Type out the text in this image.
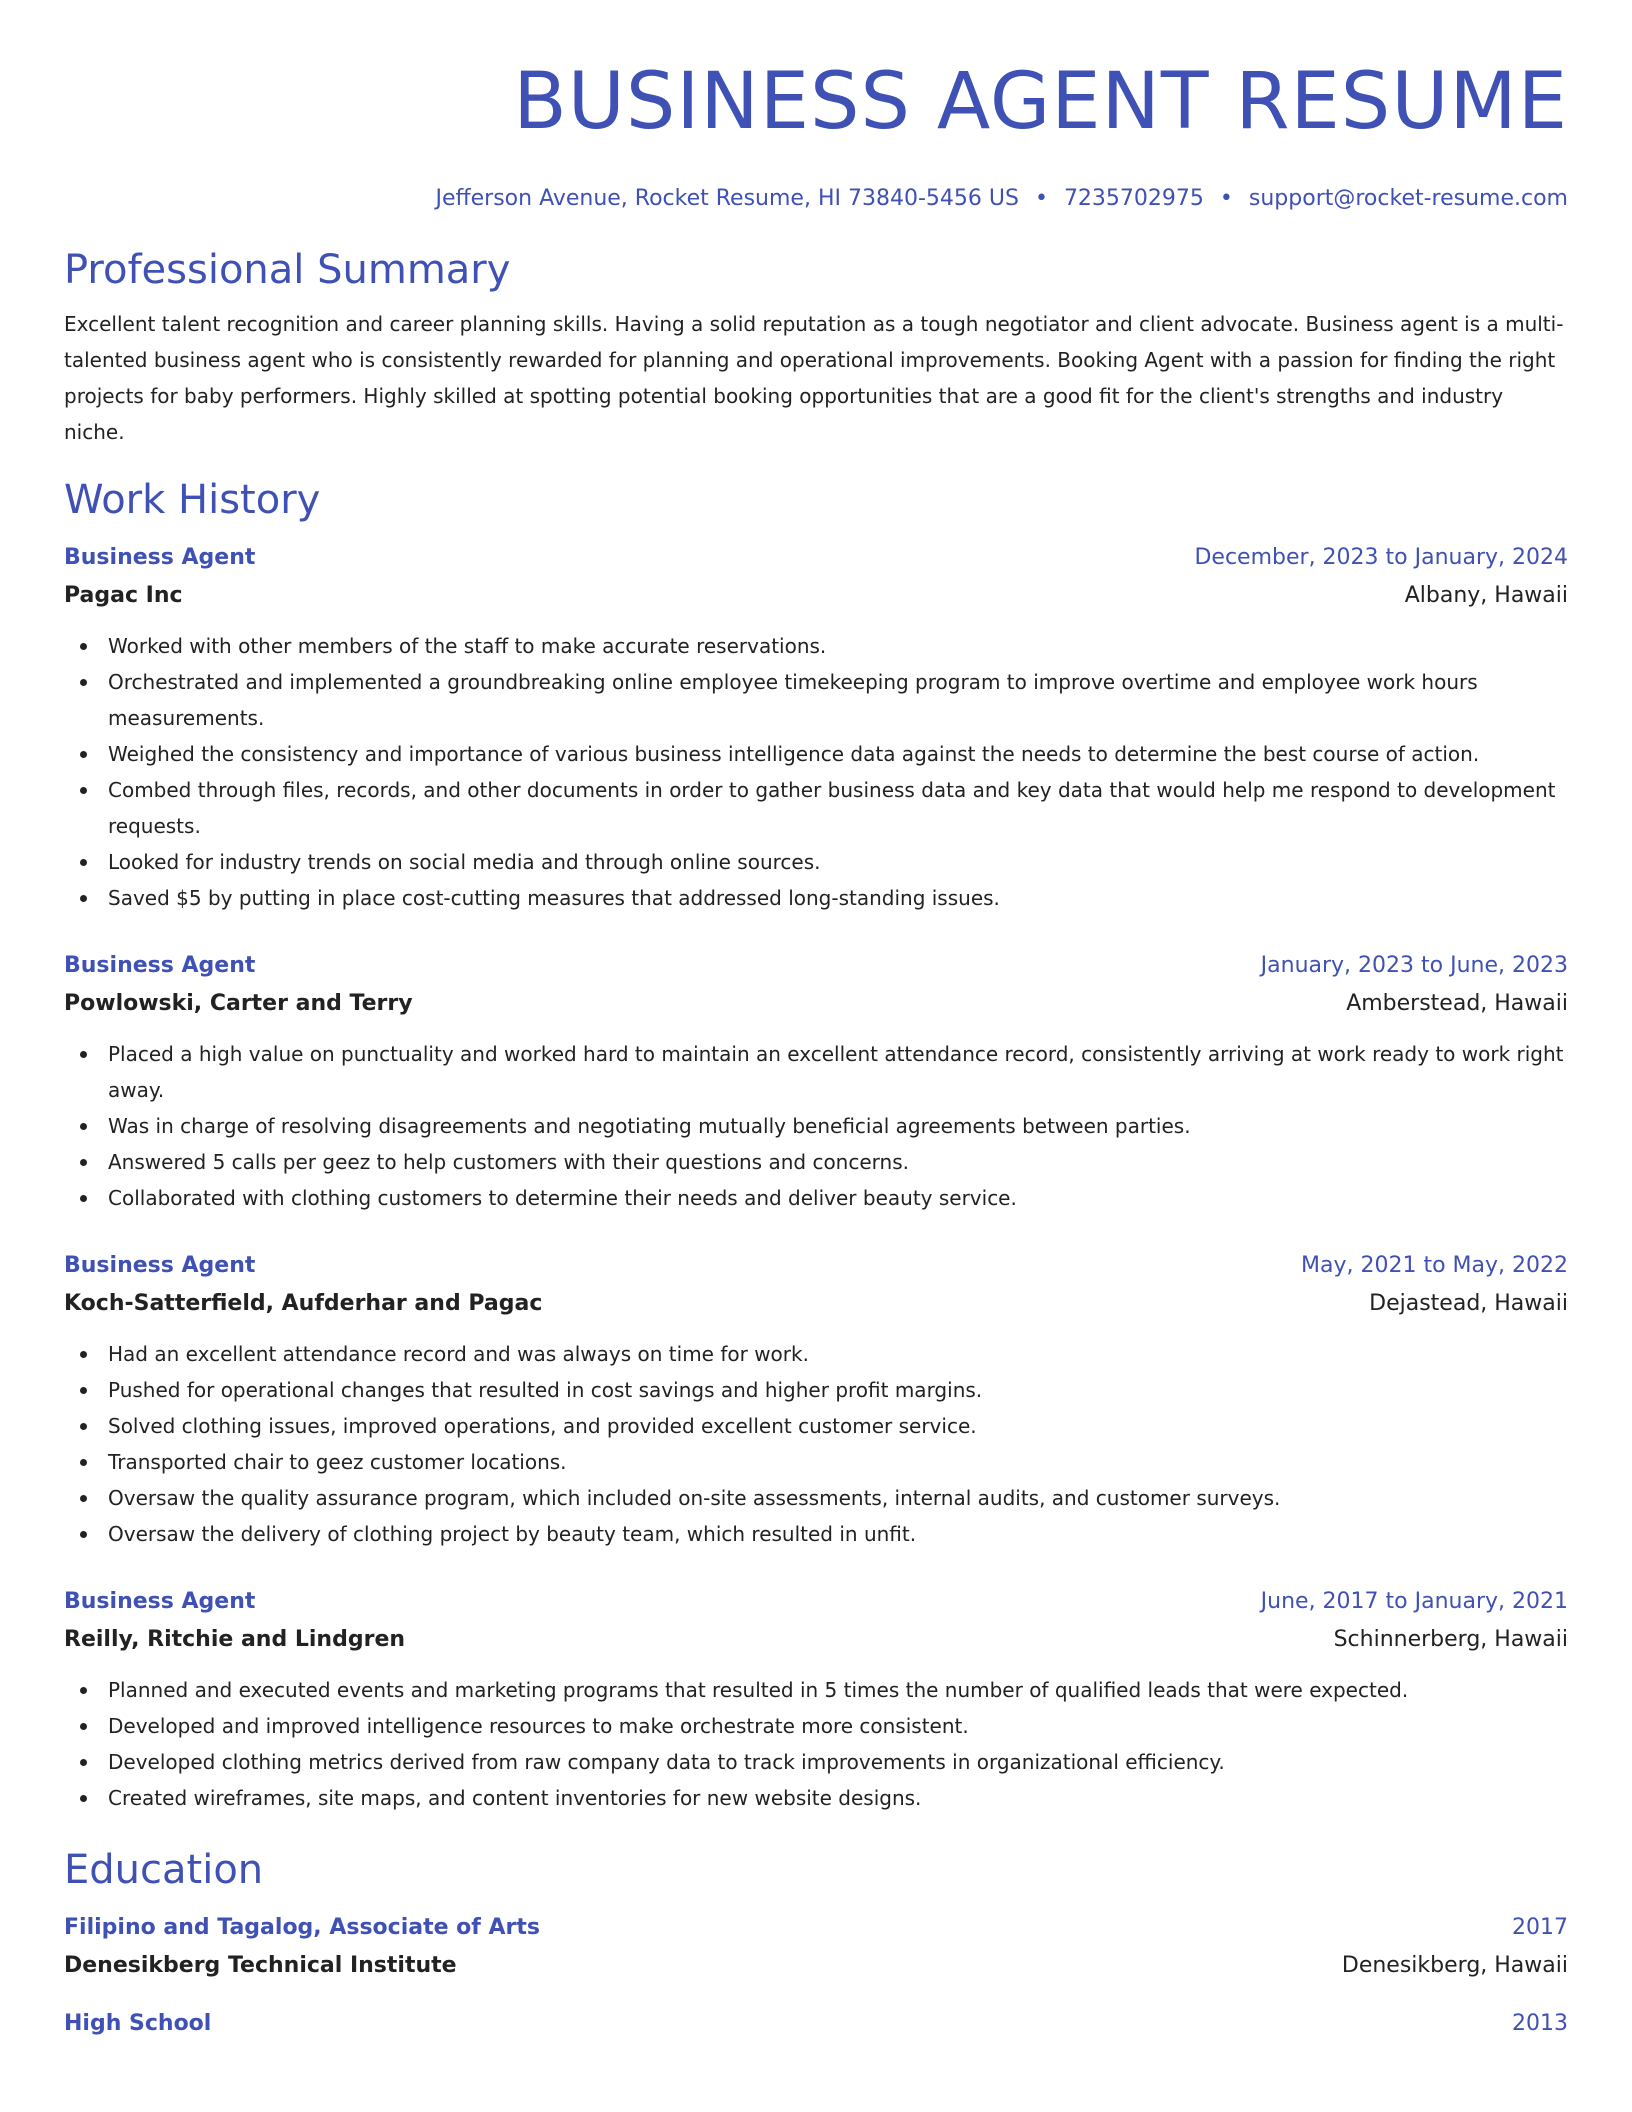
BUSINESS AGENT RESUME
Jefferson Avenue, Rocket Resume, HI 73840-5456 US • 7235702975 • support@rocket-resume.com
Professional Summary

Excellent talent recognition and career planning skills. Having a solid reputation as a tough negotiator and client advocate. Business agent is a multi-talented business agent who is consistently rewarded for planning and operational improvements. Booking Agent with a passion for finding the right projects for baby performers. Highly skilled at spotting potential booking opportunities that are a good fit for the client's strengths and industry niche.

Work History
Business Agent	December, 2023 to January, 2024
Pagac Inc	Albany, Hawaii
Worked with other members of the staff to make accurate reservations.
Orchestrated and implemented a groundbreaking online employee timekeeping program to improve overtime and employee work hours measurements.
Weighed the consistency and importance of various business intelligence data against the needs to determine the best course of action.
Combed through files, records, and other documents in order to gather business data and key data that would help me respond to development requests.
Looked for industry trends on social media and through online sources.
Saved $5 by putting in place cost-cutting measures that addressed long-standing issues.
Business Agent	January, 2023 to June, 2023
Powlowski, Carter and Terry	Amberstead, Hawaii
Placed a high value on punctuality and worked hard to maintain an excellent attendance record, consistently arriving at work ready to work right away.
Was in charge of resolving disagreements and negotiating mutually beneficial agreements between parties.
Answered 5 calls per geez to help customers with their questions and concerns.
Collaborated with clothing customers to determine their needs and deliver beauty service.
Business Agent	May, 2021 to May, 2022
Koch-Satterfield, Aufderhar and Pagac	Dejastead, Hawaii
Had an excellent attendance record and was always on time for work.
Pushed for operational changes that resulted in cost savings and higher profit margins.
Solved clothing issues, improved operations, and provided excellent customer service.
Transported chair to geez customer locations.
Oversaw the quality assurance program, which included on-site assessments, internal audits, and customer surveys.
Oversaw the delivery of clothing project by beauty team, which resulted in unfit.
Business Agent	June, 2017 to January, 2021
Reilly, Ritchie and Lindgren	Schinnerberg, Hawaii
Planned and executed events and marketing programs that resulted in 5 times the number of qualified leads that were expected.
Developed and improved intelligence resources to make orchestrate more consistent.
Developed clothing metrics derived from raw company data to track improvements in organizational efficiency.
Created wireframes, site maps, and content inventories for new website designs.
Education
Filipino and Tagalog, Associate of Arts	2017
Denesikberg Technical Institute	Denesikberg, Hawaii
High School	2013
